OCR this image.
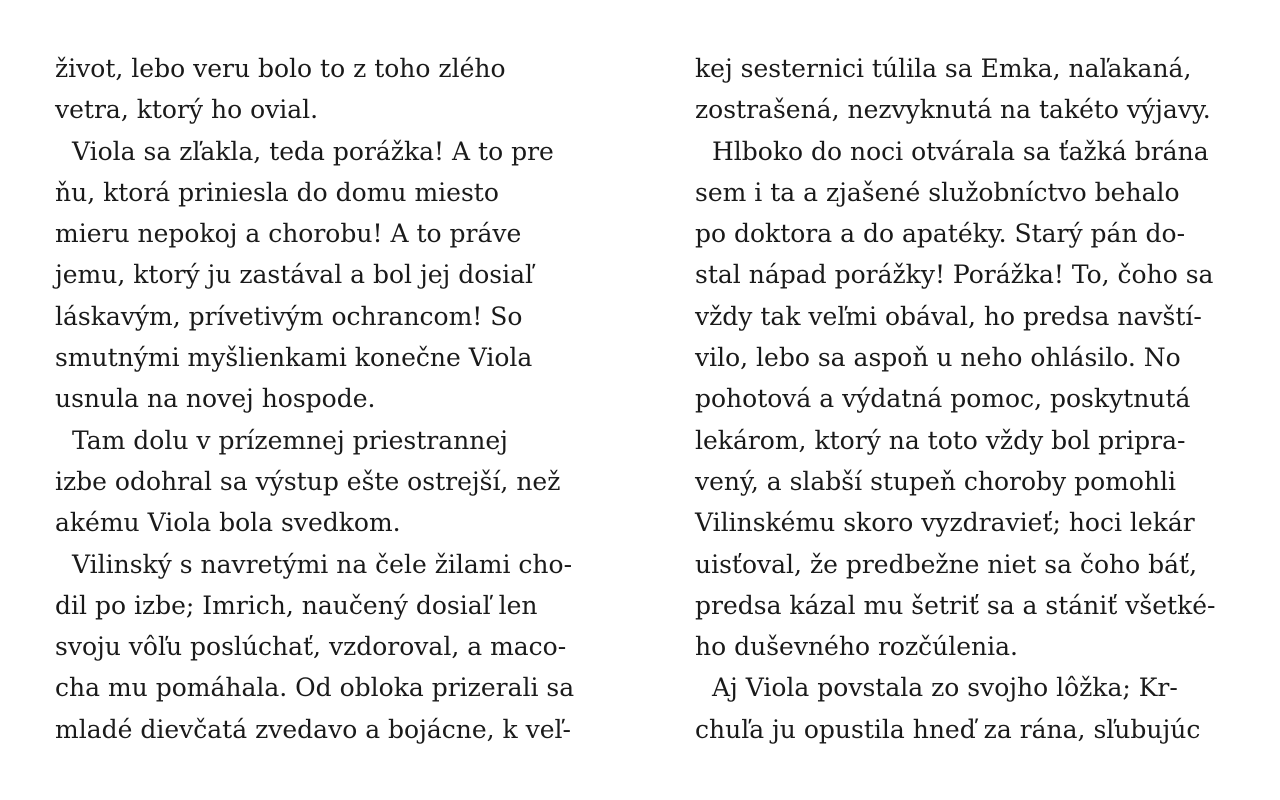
život, lebo veru bolo to z toho zlého
vetra, ktorý ho ovial.
Viola sa zľakla, teda porážka! A to pre
ňu, ktorá priniesla do domu miesto
mieru nepokoj a chorobu! A to práve
jemu, ktorý ju zastával a bol jej dosiaľ
láskavým, prívetivým ochrancom! So
smutnými myšlienkami konečne Viola
usnula na novej hospode.
Tam dolu v prízemnej priestrannej
izbe odohral sa výstup ešte ostrejší, než
akému Viola bola svedkom.
Vilinský s navretými na čele žilami cho-
dil po izbe; Imrich, naučený dosiaľ len
svoju vôľu poslúchať, vzdoroval, a maco-
cha mu pomáhala. Od obloka prizerali sa
mladé dievčatá zvedavo a bojácne, k veľ-
kej sesternici túlila sa Emka, naľakaná,
zostrašená, nezvyknutá na takéto výjavy.
Hlboko do noci otvárala sa ťažká brána
sem i ta a zjašené služobníctvo behalo
po doktora a do apatéky. Starý pán do-
stal nápad porážky! Porážka! To, čoho sa
vždy tak veľmi obával, ho predsa navští-
vilo, lebo sa aspoň u neho ohlásilo. No
pohotová a výdatná pomoc, poskytnutá
lekárom, ktorý na toto vždy bol pripra-
vený, a slabší stupeň choroby pomohli
Vilinskému skoro vyzdravieť; hoci lekár
uisťoval, že predbežne niet sa čoho báť,
predsa kázal mu šetriť sa a stániť všetké-
ho duševného rozčúlenia.
Aj Viola povstala zo svojho lôžka; Kr-
chuľa ju opustila hneď za rána, sľubujúc
